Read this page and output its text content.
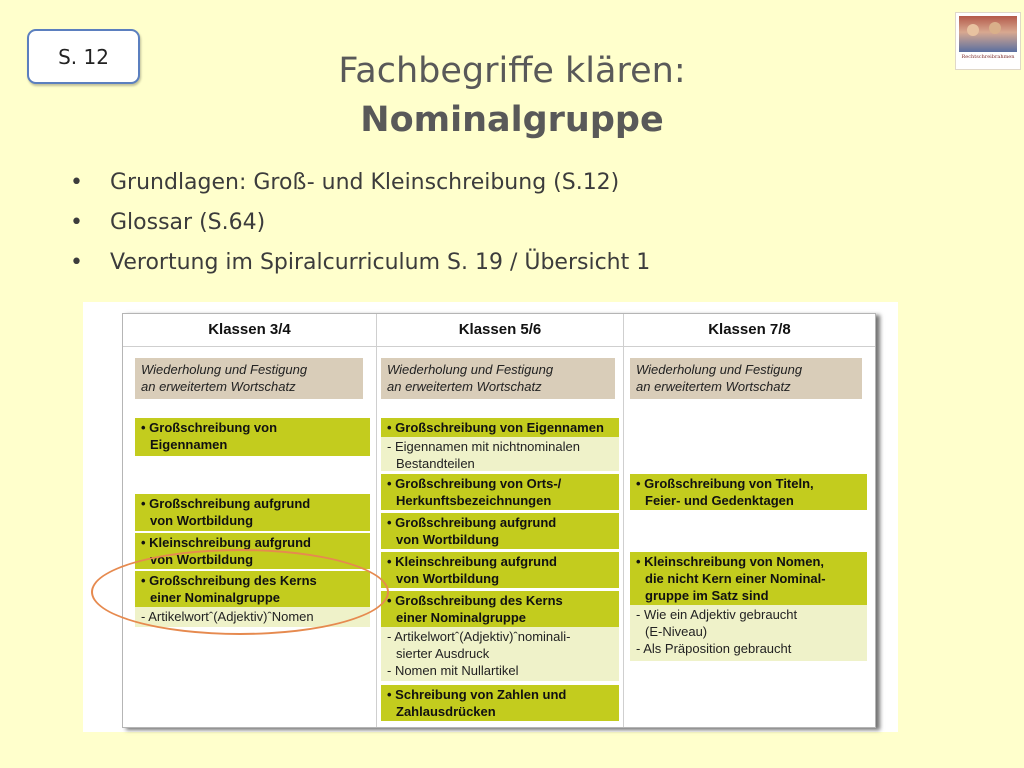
S. 12	Rechtschreibrahmen
Fachbegriffe klären:
Nominalgruppe
• Grundlagen: Groß- und Kleinschreibung (S.12)
• Glossar (S.64)
• Verortung im Spiralcurriculum S. 19 / Übersicht 1
Klassen 3/4	Klassen 5/6	Klassen 7/8
Wiederholung und Festigung
an erweitertem Wortschatz
• Großschreibung von
Eigennamen
• Großschreibung aufgrund
von Wortbildung
• Kleinschreibung aufgrund
von Wortbildung
• Großschreibung des Kerns
einer Nominalgruppe
- Artikelwortˆ(Adjektiv)ˆNomen
Wiederholung und Festigung
an erweitertem Wortschatz
• Großschreibung von Eigennamen
- Eigennamen mit nichtnominalen
Bestandteilen
• Großschreibung von Orts-/
Herkunftsbezeichnungen
• Großschreibung aufgrund
von Wortbildung
• Kleinschreibung aufgrund
von Wortbildung
• Großschreibung des Kerns
einer Nominalgruppe
- Artikelwortˆ(Adjektiv)ˆnominali-
sierter Ausdruck
- Nomen mit Nullartikel
• Schreibung von Zahlen und
Zahlausdrücken
Wiederholung und Festigung
an erweitertem Wortschatz
• Großschreibung von Titeln,
Feier- und Gedenktagen
• Kleinschreibung von Nomen,
die nicht Kern einer Nominal-
gruppe im Satz sind
- Wie ein Adjektiv gebraucht
(E-Niveau)
- Als Präposition gebraucht
